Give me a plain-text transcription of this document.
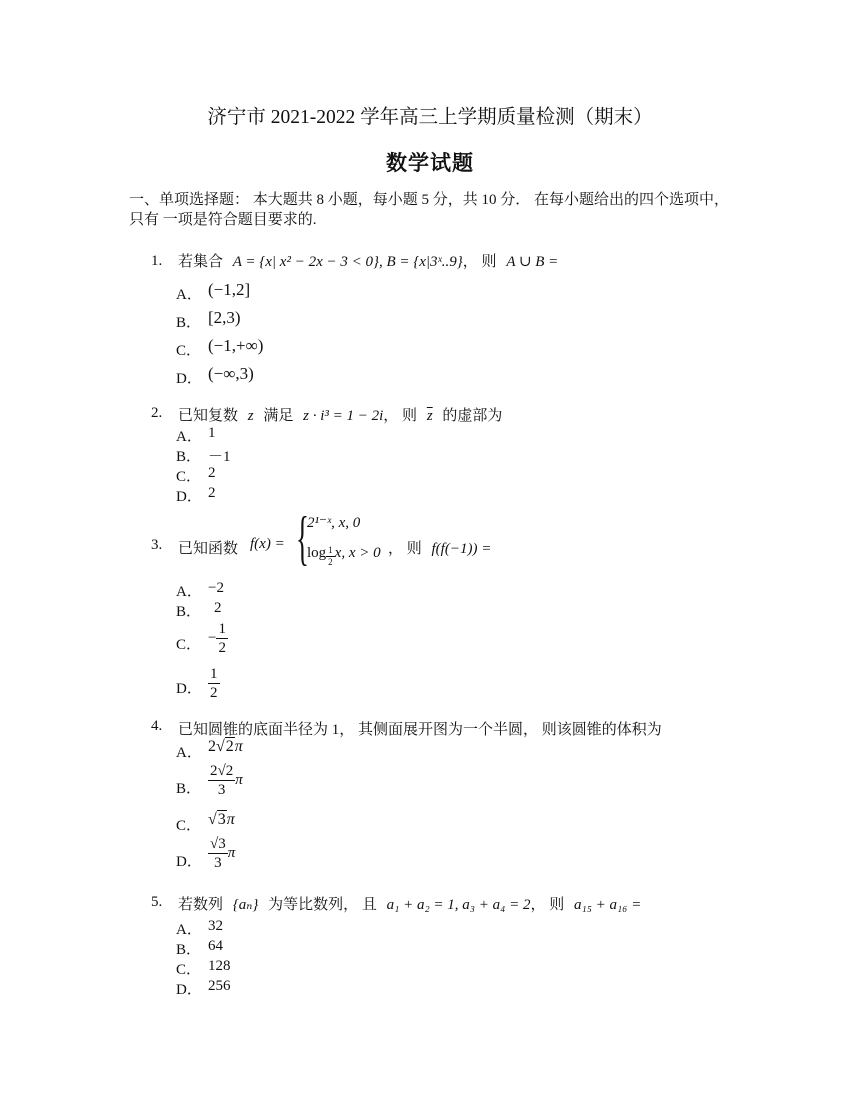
济宁市 2021-2022 学年高三上学期质量检测（期末）
数学试题
一、单项选择题： 本大题共 8 小题，每小题 5 分，共 10 分． 在每小题给出的四个选项中，
只有 一项是符合题目要求的.
1. 若集合 A = {x| x² − 2x − 3 < 0}, B = {x|3ˣ..9}， 则 A ∪ B =
A． (−1,2]
B． [2,3)
C． (−1,+∞)
D． (−∞,3)
2. 已知复数 z 满足 z · i³ = 1 − 2i， 则 $\overline{z}$ 的虚部为
A． 1
B． －1
C． 2
D． 2
3. 已知函数 f(x) = {
2¹⁻ˣ, x, 0
$\log \frac{1}{2} x$, x > 0 ， 则 f(f(−1)) =
A． −2
B． 2
C． − $\frac{1}{2}$
D． $\frac{1}{2}$
4. 已知圆锥的底面半径为 1， 其侧面展开图为一个半圆， 则该圆锥的体积为
A． 2√2π
B． $\frac{2√2}{3}$ π
C． √3π
D． $\frac{√3}{3}$ π
5. 若数列 {aₙ} 为等比数列， 且 a₁ + a₂ = 1, a₃ + a₄ = 2， 则 a₁₅ + a₁₆ =
A． 32
B． 64
C． 128
D． 256
